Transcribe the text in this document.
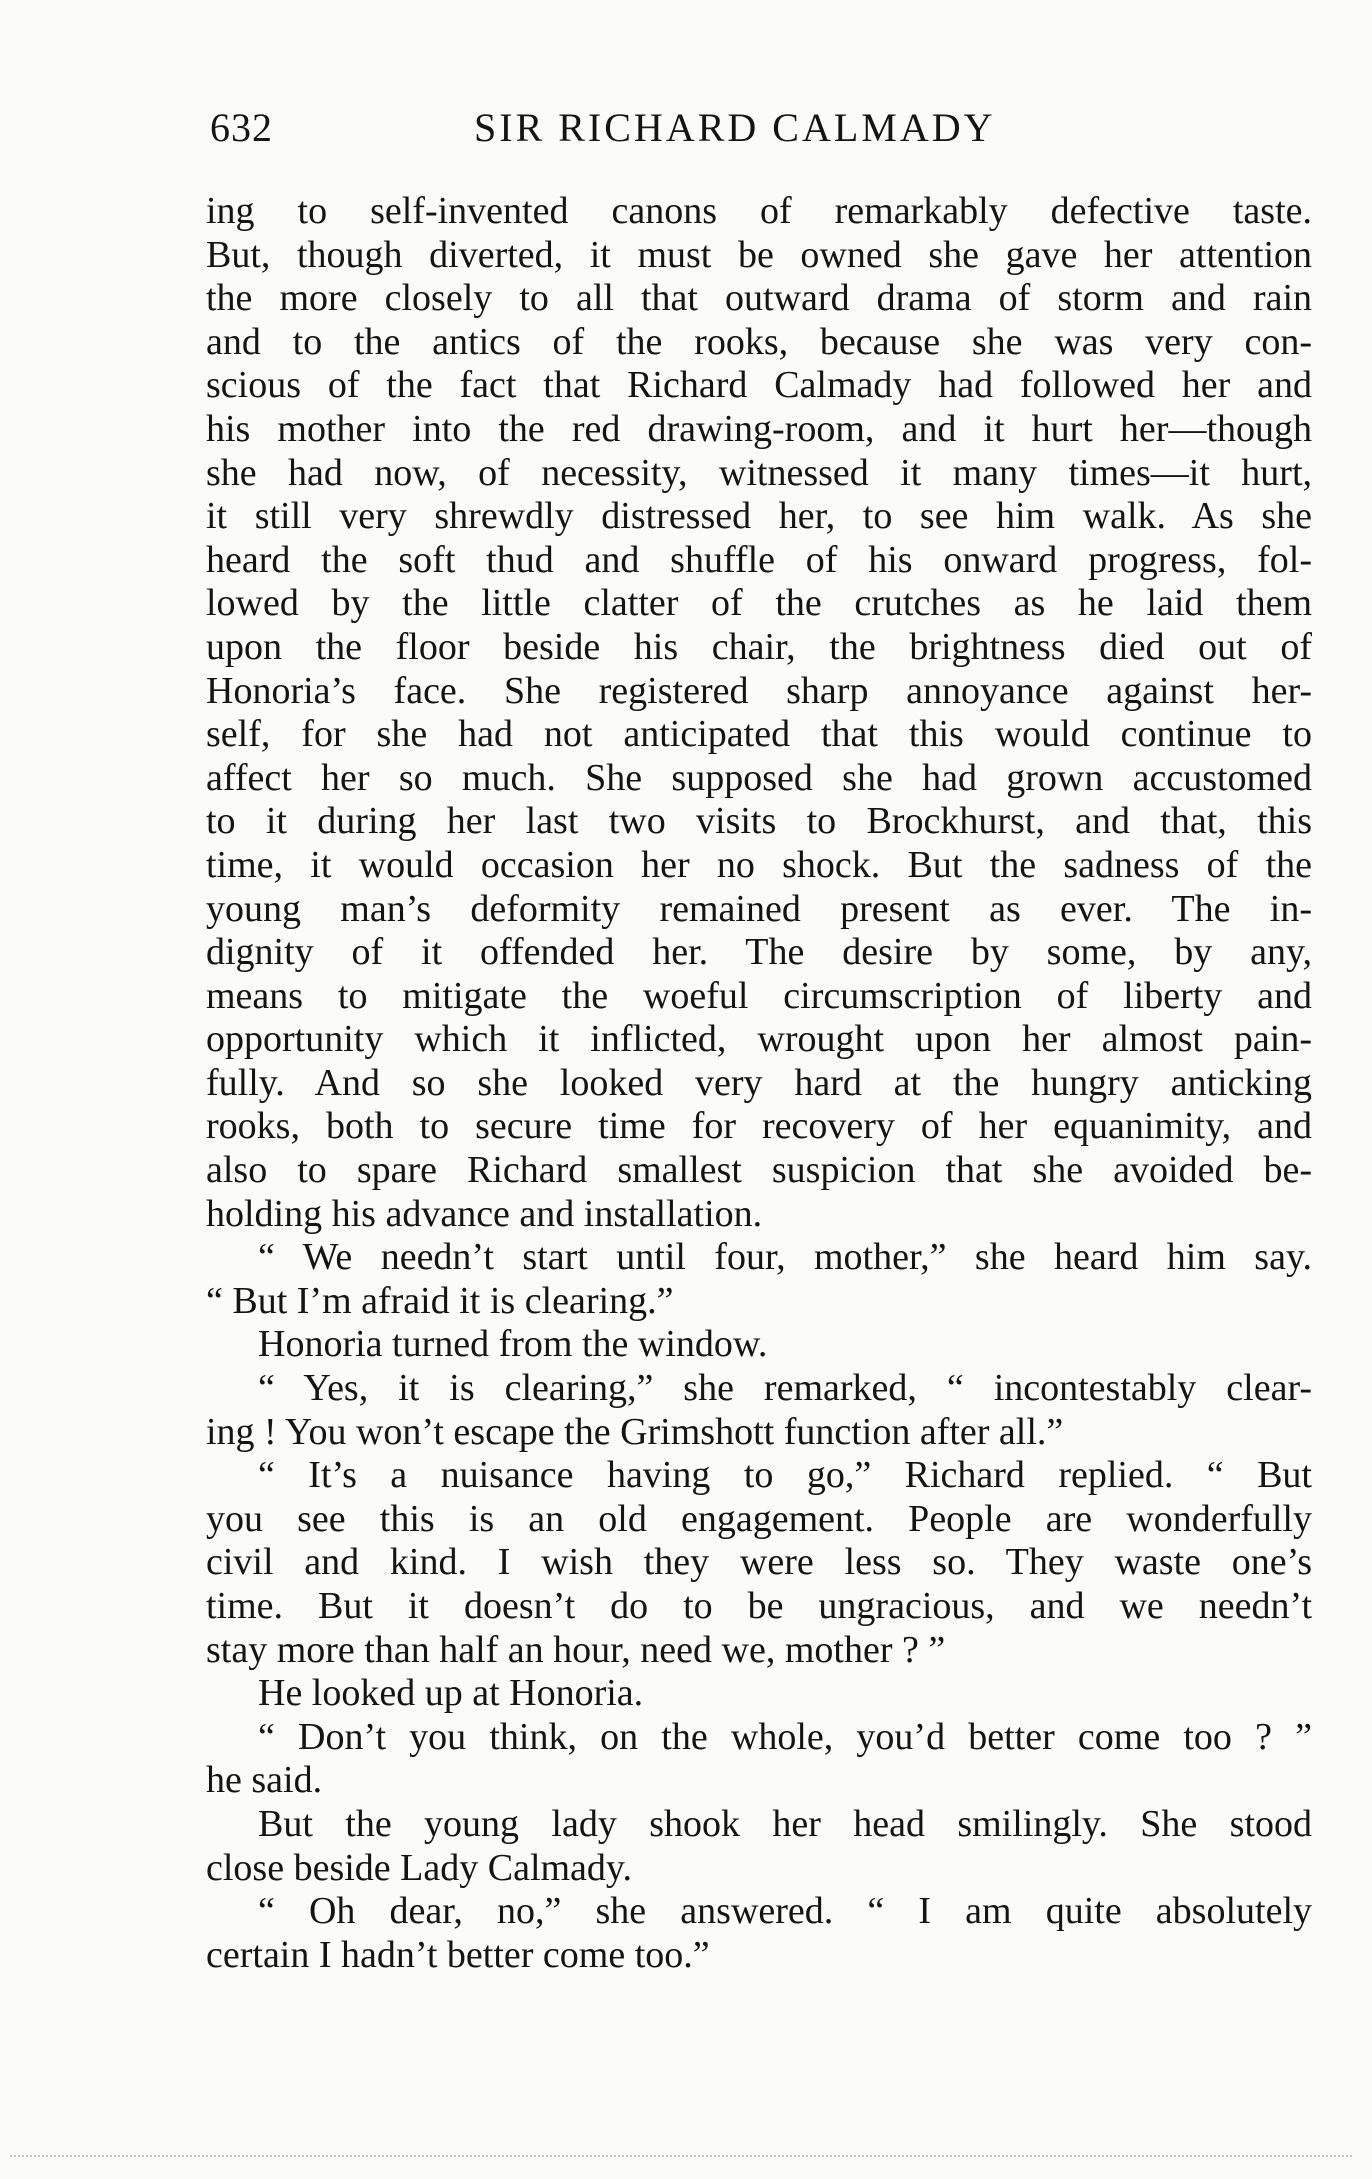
632	SIR RICHARD CALMADY
ing to self-invented canons of remarkably defective taste.
But, though diverted, it must be owned she gave her attention
the more closely to all that outward drama of storm and rain
and to the antics of the rooks, because she was very con-
scious of the fact that Richard Calmady had followed her and
his mother into the red drawing-room, and it hurt her—though
she had now, of necessity, witnessed it many times—it hurt,
it still very shrewdly distressed her, to see him walk. As she
heard the soft thud and shuffle of his onward progress, fol-
lowed by the little clatter of the crutches as he laid them
upon the floor beside his chair, the brightness died out of
Honoria’s face. She registered sharp annoyance against her-
self, for she had not anticipated that this would continue to
affect her so much. She supposed she had grown accustomed
to it during her last two visits to Brockhurst, and that, this
time, it would occasion her no shock. But the sadness of the
young man’s deformity remained present as ever. The in-
dignity of it offended her. The desire by some, by any,
means to mitigate the woeful circumscription of liberty and
opportunity which it inflicted, wrought upon her almost pain-
fully. And so she looked very hard at the hungry anticking
rooks, both to secure time for recovery of her equanimity, and
also to spare Richard smallest suspicion that she avoided be-
holding his advance and installation.
“ We needn’t start until four, mother,” she heard him say.
“ But I’m afraid it is clearing.”
Honoria turned from the window.
“ Yes, it is clearing,” she remarked, “ incontestably clear-
ing ! You won’t escape the Grimshott function after all.”
“ It’s a nuisance having to go,” Richard replied. “ But
you see this is an old engagement. People are wonderfully
civil and kind. I wish they were less so. They waste one’s
time. But it doesn’t do to be ungracious, and we needn’t
stay more than half an hour, need we, mother ? ”
He looked up at Honoria.
“ Don’t you think, on the whole, you’d better come too ? ”
he said.
But the young lady shook her head smilingly. She stood
close beside Lady Calmady.
“ Oh dear, no,” she answered. “ I am quite absolutely
certain I hadn’t better come too.”
